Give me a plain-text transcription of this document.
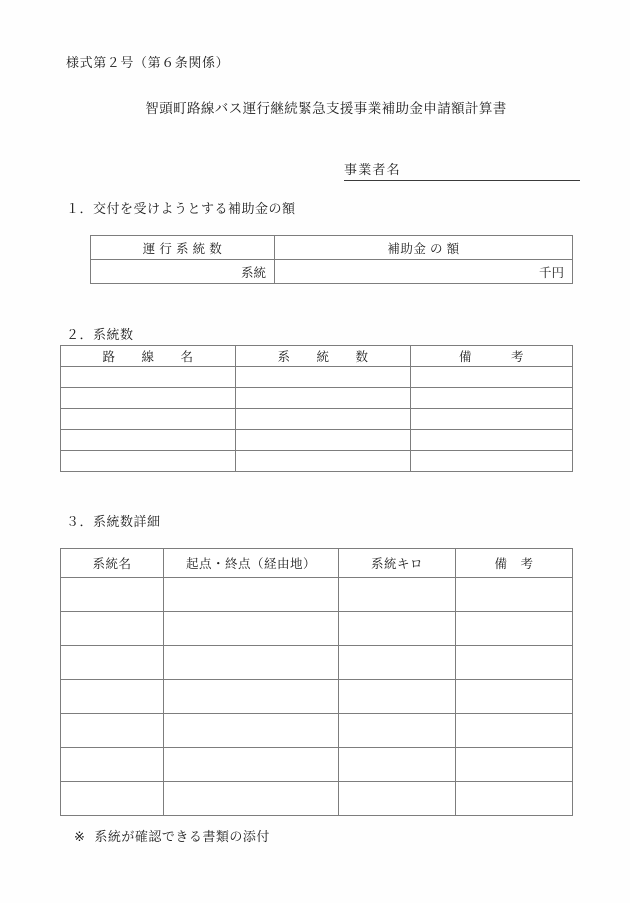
様式第２号（第６条関係）
智頭町路線バス運行継続緊急支援事業補助金申請額計算書
事業者名
１．交付を受けようとする補助金の額
運 行 系 統 数	補助金 の 額
系統	千円
２．系統数
路　　線　　名	系　　統　　数	備　　　考

３．系統数詳細
系統名	起点・終点（経由地）	系統キロ	備　考

※ 系統が確認できる書類の添付
